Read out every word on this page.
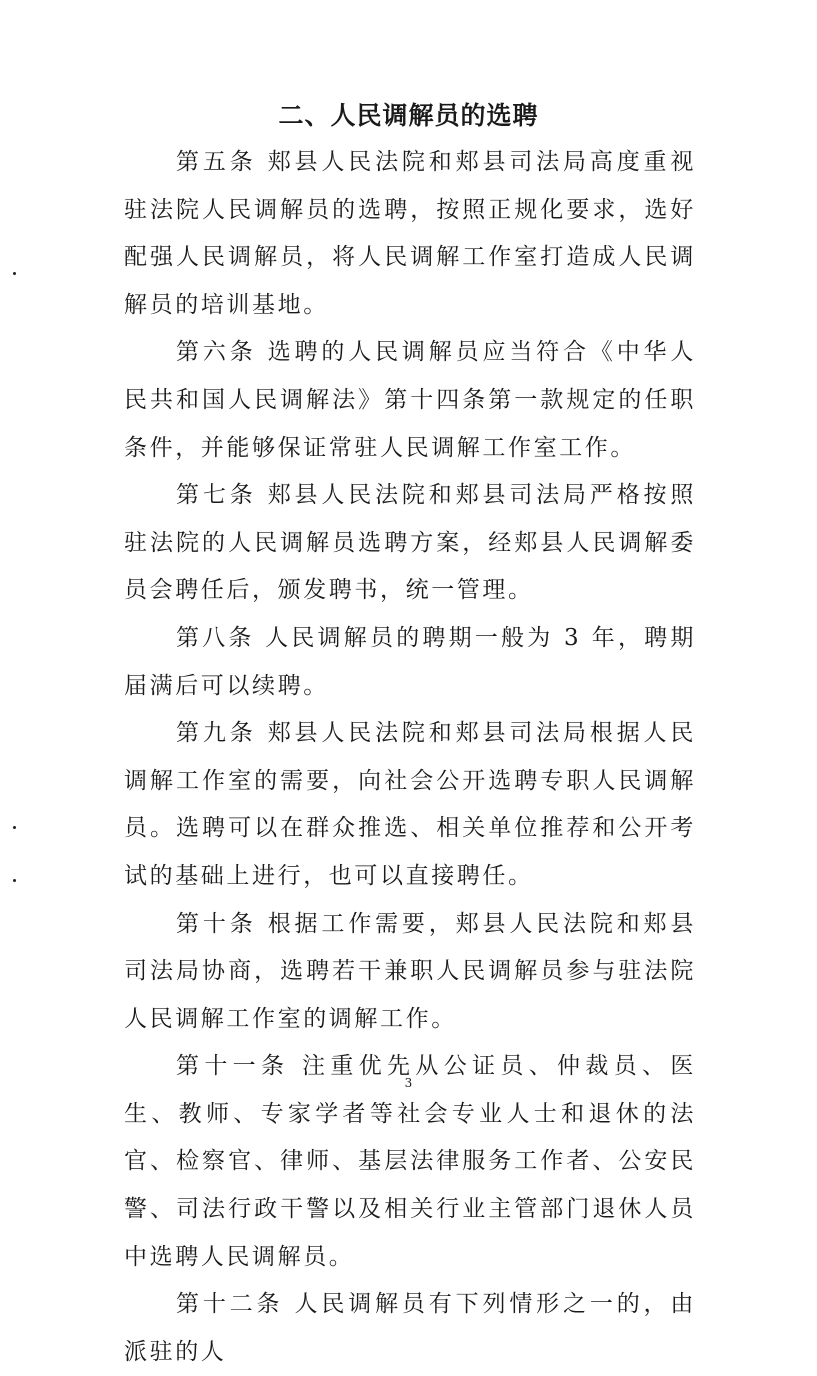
二、人民调解员的选聘

第五条 郏县人民法院和郏县司法局高度重视驻法院人民调解员的选聘，按照正规化要求，选好配强人民调解员，将人民调解工作室打造成人民调解员的培训基地。

第六条 选聘的人民调解员应当符合《中华人民共和国人民调解法》第十四条第一款规定的任职条件，并能够保证常驻人民调解工作室工作。

第七条 郏县人民法院和郏县司法局严格按照驻法院的人民调解员选聘方案，经郏县人民调解委员会聘任后，颁发聘书，统一管理。

第八条 人民调解员的聘期一般为 3 年，聘期届满后可以续聘。

第九条 郏县人民法院和郏县司法局根据人民调解工作室的需要，向社会公开选聘专职人民调解员。选聘可以在群众推选、相关单位推荐和公开考试的基础上进行，也可以直接聘任。

第十条 根据工作需要，郏县人民法院和郏县司法局协商，选聘若干兼职人民调解员参与驻法院人民调解工作室的调解工作。

第十一条 注重优先从公证员、仲裁员、医生、教师、专家学者等社会专业人士和退休的法官、检察官、律师、基层法律服务工作者、公安民警、司法行政干警以及相关行业主管部门退休人员中选聘人民调解员。

第十二条 人民调解员有下列情形之一的，由派驻的人

3
